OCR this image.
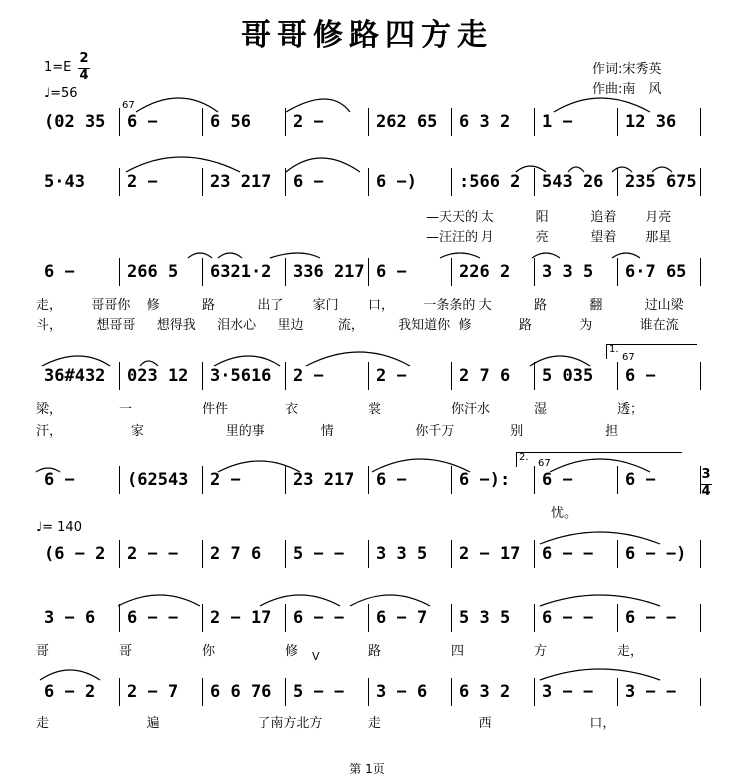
哥哥修路四方走
1=E
2
4
♩=56
作词:宋秀英
作曲:南　风
67
67
(02 35 6 −	6 56 2 −	262 65 6 3 2 1 −	12 36
5·43 2 −	23 217 6 −	6 −) :566 2 543 26 235 675
6 −	266 5 6321·2 336 217 6 −	226 2 3 3 5 6·7 65
36#432 023 12 3·5616 2 −	2 −	2 7 6 5 035 6 −
6 −	(62543 2 −	23 217 6 −	6 −): 6 −	6 −
(6 − 2 2 − − 2 7 6 5 − − 3 3 5 2 − 17 6 − − 6 − −)
3 − 6 6 − − 2 − 17 6 − − 6 − 7 5 3 5 6 − − 6 − −
6 − 2 2 − 7 6 6 76 5 − − 3 − 6 6 3 2 3 − − 3 − −
—天天的 太	阳	追着 月亮
—汪汪的 月	亮	望着 那星
走， 哥哥你 修	路	出了 家门 口， 一条条的 大	路	翻	过山梁
斗，	想哥哥 想得我 泪水心 里边	流，	我知道你 修	路	为	谁在流
梁，	一	件件	衣	裳	你汗水	湿	透；
汗，	家	里的事	情	你千万	别	担
忧。
哥	哥	你	修	路	四	方	走，
走	遍	了南方北方	走	西	口，
1.
2.
67
3
4
♩= 140
V
第 1页
